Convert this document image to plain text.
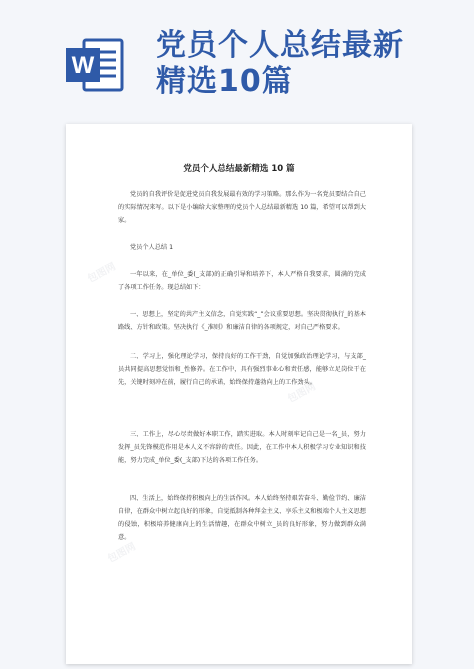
W
党员个人总结最新
精选10篇
包图网
包图网
包图网
党员个人总结最新精选 10 篇
党员的自我评价是促进党员自我发展最有效的学习策略。那么作为一名党员要结合自己的实际情况来写。以下是小编给大家整理的党员个人总结最新精选 10 篇，希望可以帮到大家。
党员个人总结 1
一年以来，在_单位_委(_支部)的正确引导和培养下，本人严格自我要求，圆满的完成了各项工作任务。现总结如下：
一、思想上，坚定的共产主义信念，自觉实践“_”会议重要思想。坚决贯彻执行_的基本路线、方针和政策。坚决执行《_准则》和廉洁自律的各项规定，对自己严格要求。
二、学习上，强化理论学习，保持良好的工作干劲，自觉加强政治理论学习，与支部_员共同提高思想觉悟和_性修养。在工作中，具有强烈事业心和责任感，能够立足岗位干在先，关键时刻冲在前，履行自己的承诺，始终保持蓬勃向上的工作劲头。
三、工作上，尽心尽责做好本职工作，踏实进取。本人时刻牢记自己是一名_员，努力发挥_员先锋模范作用是本人义不容辞的责任。因此，在工作中本人积极学习专业知识和技能，努力完成_单位_委(_支部)下达的各项工作任务。
四、生活上，始终保持积极向上的生活作风。本人始终坚持艰苦奋斗、勤俭节约、廉洁自律，在群众中树立起良好的形象，自觉抵制各种拜金主义、享乐主义和极端个人主义思想的侵蚀，积极培养健康向上的生活情趣，在群众中树立_员的良好形象，努力做到群众满意。
